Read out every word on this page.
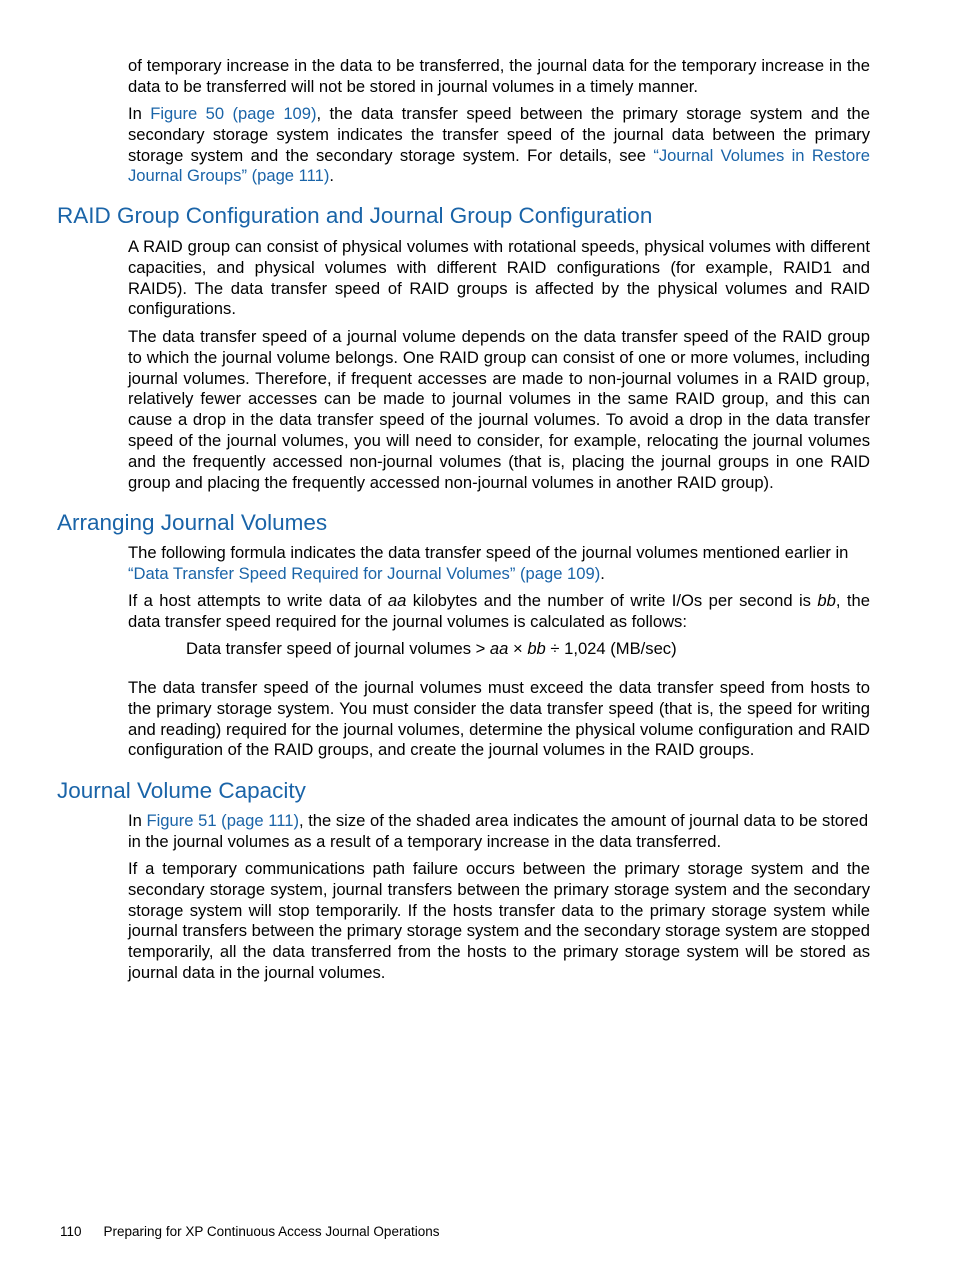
of temporary increase in the data to be transferred, the journal data for the temporary increase in the data to be transferred will not be stored in journal volumes in a timely manner.

In Figure 50 (page 109), the data transfer speed between the primary storage system and the secondary storage system indicates the transfer speed of the journal data between the primary storage system and the secondary storage system. For details, see “Journal Volumes in Restore Journal Groups” (page 111).

RAID Group Configuration and Journal Group Configuration

A RAID group can consist of physical volumes with rotational speeds, physical volumes with different capacities, and physical volumes with different RAID configurations (for example, RAID1 and RAID5). The data transfer speed of RAID groups is affected by the physical volumes and RAID configurations.

The data transfer speed of a journal volume depends on the data transfer speed of the RAID group to which the journal volume belongs. One RAID group can consist of one or more volumes, including journal volumes. Therefore, if frequent accesses are made to non-journal volumes in a RAID group, relatively fewer accesses can be made to journal volumes in the same RAID group, and this can cause a drop in the data transfer speed of the journal volumes. To avoid a drop in the data transfer speed of the journal volumes, you will need to consider, for example, relocating the journal volumes and the frequently accessed non-journal volumes (that is, placing the journal groups in one RAID group and placing the frequently accessed non-journal volumes in another RAID group).

Arranging Journal Volumes

The following formula indicates the data transfer speed of the journal volumes mentioned earlier in “Data Transfer Speed Required for Journal Volumes” (page 109).

If a host attempts to write data of aa kilobytes and the number of write I/Os per second is bb, the data transfer speed required for the journal volumes is calculated as follows:

Data transfer speed of journal volumes > aa × bb ÷ 1,024 (MB/sec)

The data transfer speed of the journal volumes must exceed the data transfer speed from hosts to the primary storage system. You must consider the data transfer speed (that is, the speed for writing and reading) required for the journal volumes, determine the physical volume configuration and RAID configuration of the RAID groups, and create the journal volumes in the RAID groups.

Journal Volume Capacity

In Figure 51 (page 111), the size of the shaded area indicates the amount of journal data to be stored in the journal volumes as a result of a temporary increase in the data transferred.

If a temporary communications path failure occurs between the primary storage system and the secondary storage system, journal transfers between the primary storage system and the secondary storage system will stop temporarily. If the hosts transfer data to the primary storage system while journal transfers between the primary storage system and the secondary storage system are stopped temporarily, all the data transferred from the hosts to the primary storage system will be stored as journal data in the journal volumes.

110 Preparing for XP Continuous Access Journal Operations
